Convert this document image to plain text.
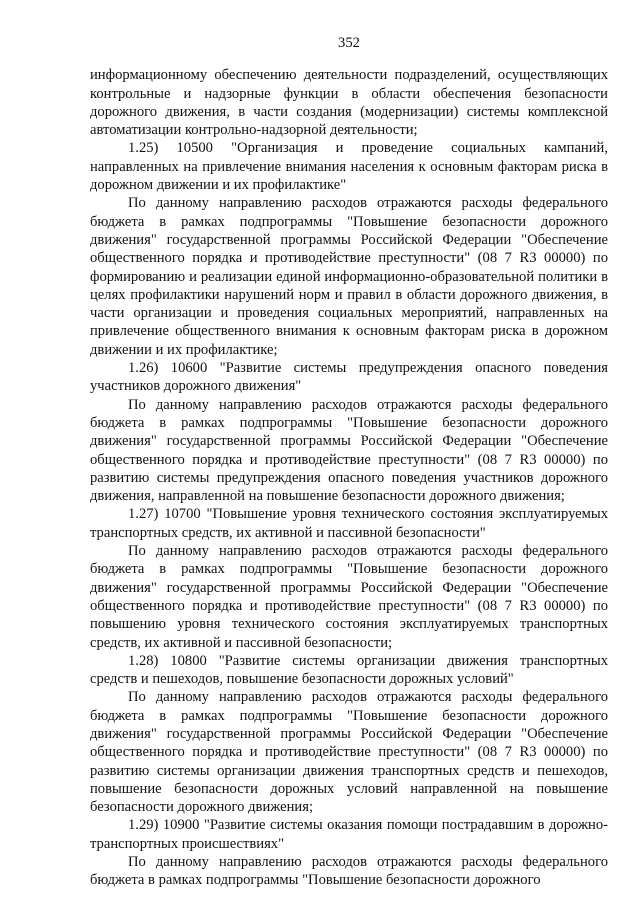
352

информационному обеспечению деятельности подразделений, осуществляющих контрольные и надзорные функции в области обеспечения безопасности дорожного движения, в части создания (модернизации) системы комплексной автоматизации контрольно-надзорной деятельности;

1.25) 10500 "Организация и проведение социальных кампаний, направленных на привлечение внимания населения к основным факторам риска в дорожном движении и их профилактике"

По данному направлению расходов отражаются расходы федерального бюджета в рамках подпрограммы "Повышение безопасности дорожного движения" государственной программы Российской Федерации "Обеспечение общественного порядка и противодействие преступности" (08 7 R3 00000) по формированию и реализации единой информационно-образовательной политики в целях профилактики нарушений норм и правил в области дорожного движения, в части организации и проведения социальных мероприятий, направленных на привлечение общественного внимания к основным факторам риска в дорожном движении и их профилактике;

1.26) 10600 "Развитие системы предупреждения опасного поведения участников дорожного движения"

По данному направлению расходов отражаются расходы федерального бюджета в рамках подпрограммы "Повышение безопасности дорожного движения" государственной программы Российской Федерации "Обеспечение общественного порядка и противодействие преступности" (08 7 R3 00000) по развитию системы предупреждения опасного поведения участников дорожного движения, направленной на повышение безопасности дорожного движения;

1.27) 10700 "Повышение уровня технического состояния эксплуатируемых транспортных средств, их активной и пассивной безопасности"

По данному направлению расходов отражаются расходы федерального бюджета в рамках подпрограммы "Повышение безопасности дорожного движения" государственной программы Российской Федерации "Обеспечение общественного порядка и противодействие преступности" (08 7 R3 00000) по повышению уровня технического состояния эксплуатируемых транспортных средств, их активной и пассивной безопасности;

1.28) 10800 "Развитие системы организации движения транспортных средств и пешеходов, повышение безопасности дорожных условий"

По данному направлению расходов отражаются расходы федерального бюджета в рамках подпрограммы "Повышение безопасности дорожного движения" государственной программы Российской Федерации "Обеспечение общественного порядка и противодействие преступности" (08 7 R3 00000) по развитию системы организации движения транспортных средств и пешеходов, повышение безопасности дорожных условий направленной на повышение безопасности дорожного движения;

1.29) 10900 "Развитие системы оказания помощи пострадавшим в дорожно-транспортных происшествиях"

По данному направлению расходов отражаются расходы федерального бюджета в рамках подпрограммы "Повышение безопасности дорожного
